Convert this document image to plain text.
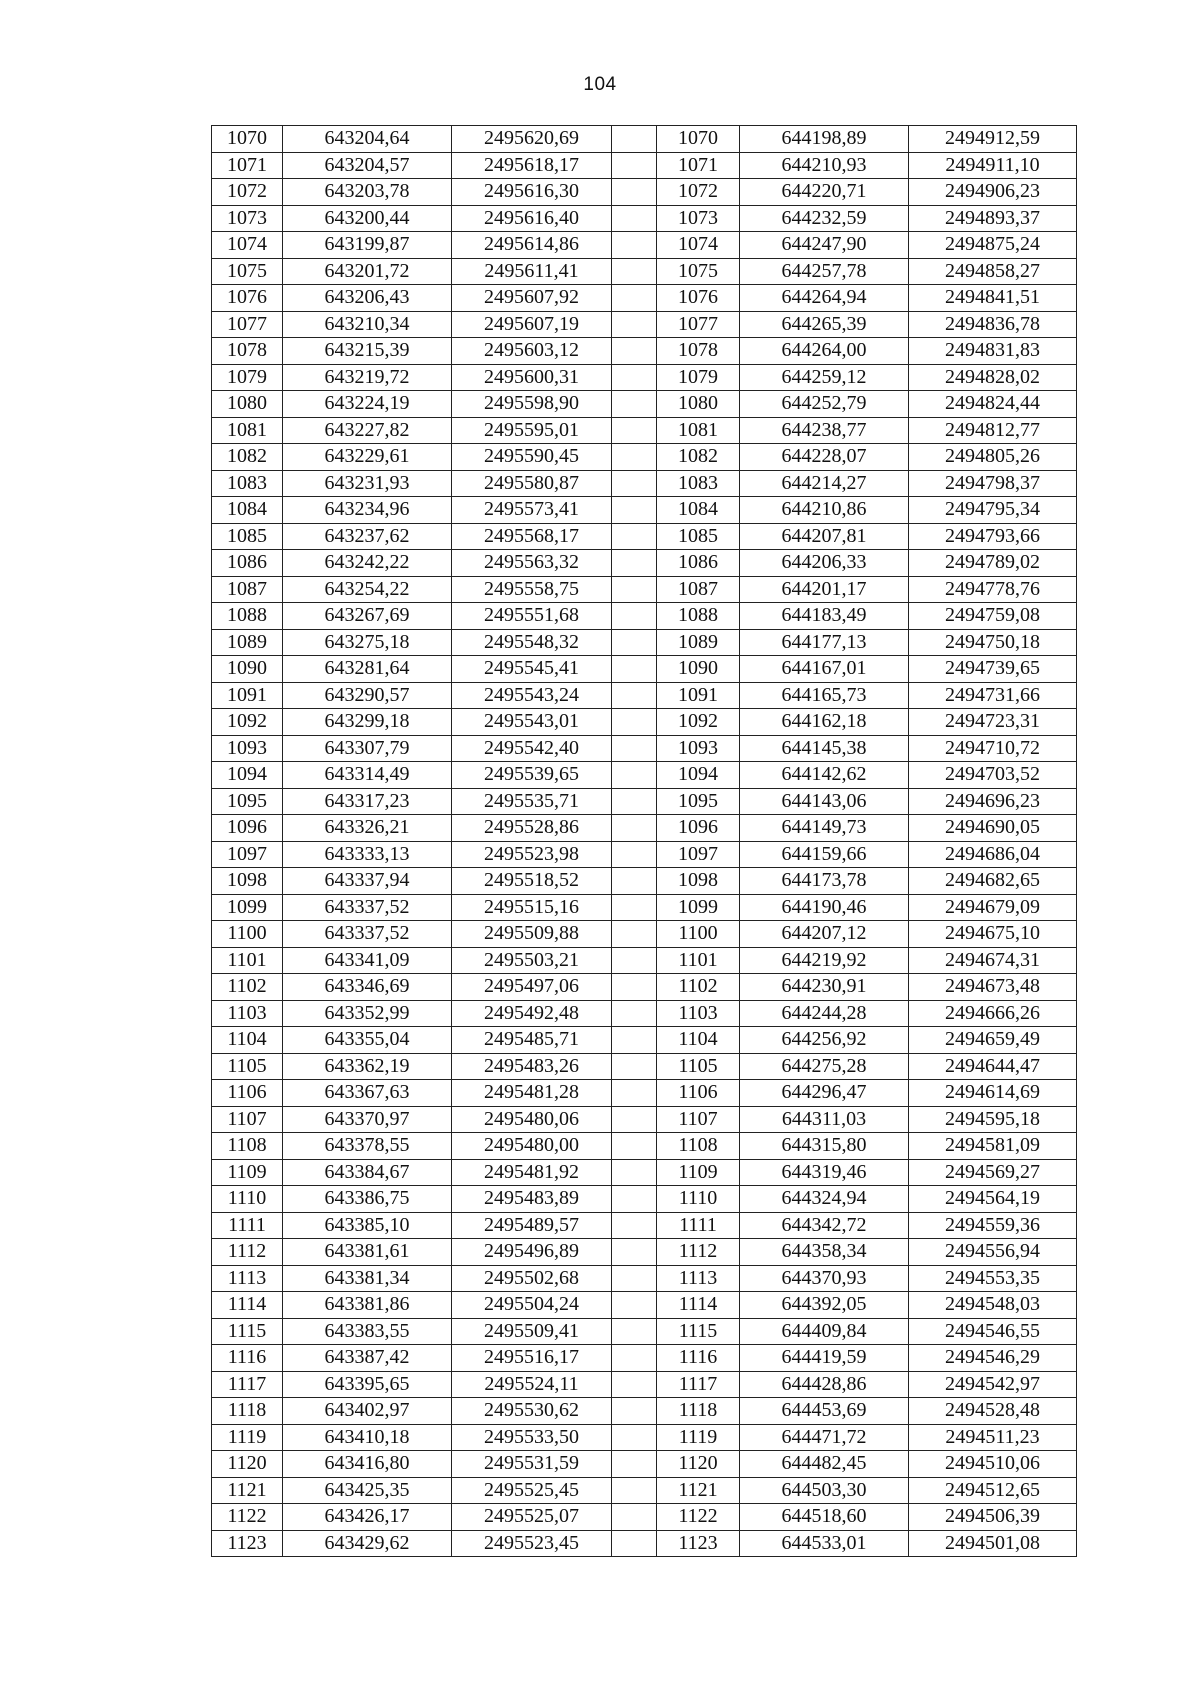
104
1070	643204,64	2495620,69		1070	644198,89	2494912,59
1071	643204,57	2495618,17		1071	644210,93	2494911,10
1072	643203,78	2495616,30		1072	644220,71	2494906,23
1073	643200,44	2495616,40		1073	644232,59	2494893,37
1074	643199,87	2495614,86		1074	644247,90	2494875,24
1075	643201,72	2495611,41		1075	644257,78	2494858,27
1076	643206,43	2495607,92		1076	644264,94	2494841,51
1077	643210,34	2495607,19		1077	644265,39	2494836,78
1078	643215,39	2495603,12		1078	644264,00	2494831,83
1079	643219,72	2495600,31		1079	644259,12	2494828,02
1080	643224,19	2495598,90		1080	644252,79	2494824,44
1081	643227,82	2495595,01		1081	644238,77	2494812,77
1082	643229,61	2495590,45		1082	644228,07	2494805,26
1083	643231,93	2495580,87		1083	644214,27	2494798,37
1084	643234,96	2495573,41		1084	644210,86	2494795,34
1085	643237,62	2495568,17		1085	644207,81	2494793,66
1086	643242,22	2495563,32		1086	644206,33	2494789,02
1087	643254,22	2495558,75		1087	644201,17	2494778,76
1088	643267,69	2495551,68		1088	644183,49	2494759,08
1089	643275,18	2495548,32		1089	644177,13	2494750,18
1090	643281,64	2495545,41		1090	644167,01	2494739,65
1091	643290,57	2495543,24		1091	644165,73	2494731,66
1092	643299,18	2495543,01		1092	644162,18	2494723,31
1093	643307,79	2495542,40		1093	644145,38	2494710,72
1094	643314,49	2495539,65		1094	644142,62	2494703,52
1095	643317,23	2495535,71		1095	644143,06	2494696,23
1096	643326,21	2495528,86		1096	644149,73	2494690,05
1097	643333,13	2495523,98		1097	644159,66	2494686,04
1098	643337,94	2495518,52		1098	644173,78	2494682,65
1099	643337,52	2495515,16		1099	644190,46	2494679,09
1100	643337,52	2495509,88		1100	644207,12	2494675,10
1101	643341,09	2495503,21		1101	644219,92	2494674,31
1102	643346,69	2495497,06		1102	644230,91	2494673,48
1103	643352,99	2495492,48		1103	644244,28	2494666,26
1104	643355,04	2495485,71		1104	644256,92	2494659,49
1105	643362,19	2495483,26		1105	644275,28	2494644,47
1106	643367,63	2495481,28		1106	644296,47	2494614,69
1107	643370,97	2495480,06		1107	644311,03	2494595,18
1108	643378,55	2495480,00		1108	644315,80	2494581,09
1109	643384,67	2495481,92		1109	644319,46	2494569,27
1110	643386,75	2495483,89		1110	644324,94	2494564,19
1111	643385,10	2495489,57		1111	644342,72	2494559,36
1112	643381,61	2495496,89		1112	644358,34	2494556,94
1113	643381,34	2495502,68		1113	644370,93	2494553,35
1114	643381,86	2495504,24		1114	644392,05	2494548,03
1115	643383,55	2495509,41		1115	644409,84	2494546,55
1116	643387,42	2495516,17		1116	644419,59	2494546,29
1117	643395,65	2495524,11		1117	644428,86	2494542,97
1118	643402,97	2495530,62		1118	644453,69	2494528,48
1119	643410,18	2495533,50		1119	644471,72	2494511,23
1120	643416,80	2495531,59		1120	644482,45	2494510,06
1121	643425,35	2495525,45		1121	644503,30	2494512,65
1122	643426,17	2495525,07		1122	644518,60	2494506,39
1123	643429,62	2495523,45		1123	644533,01	2494501,08
